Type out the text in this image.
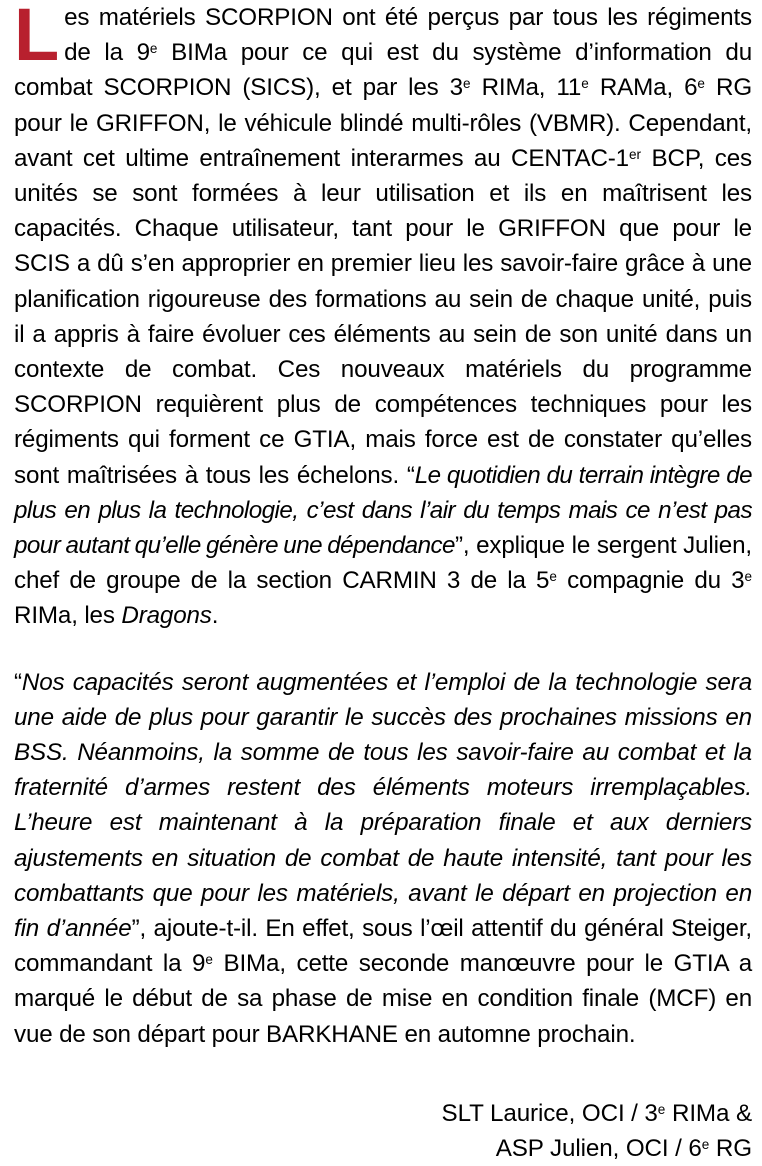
Les matériels SCORPION ont été perçus par tous les régiments de la 9e BIMa pour ce qui est du système d’information du combat SCORPION (SICS), et par les 3e RIMa, 11e RAMa, 6e RG pour le GRIFFON, le véhicule blindé multi-rôles (VBMR). Cependant, avant cet ultime entraînement interarmes au CENTAC-1er BCP, ces unités se sont formées à leur utilisation et ils en maîtrisent les capacités. Chaque utilisateur, tant pour le GRIFFON que pour le SCIS a dû s’en approprier en premier lieu les savoir-faire grâce à une planification rigoureuse des formations au sein de chaque unité, puis il a appris à faire évoluer ces éléments au sein de son unité dans un contexte de combat. Ces nouveaux matériels du programme SCORPION requièrent plus de compétences techniques pour les régiments qui forment ce GTIA, mais force est de constater qu’elles sont maîtrisées à tous les échelons. “Le quotidien du terrain intègre de plus en plus la technologie, c’est dans l’air du temps mais ce n’est pas pour autant qu’elle génère une dépendance”, explique le sergent Julien, chef de groupe de la section CARMIN 3 de la 5e compagnie du 3e RIMa, les Dragons.

“Nos capacités seront augmentées et l’emploi de la technologie sera une aide de plus pour garantir le succès des prochaines missions en BSS. Néanmoins, la somme de tous les savoir-faire au combat et la fraternité d’armes restent des éléments moteurs irremplaçables. L’heure est maintenant à la préparation finale et aux derniers ajustements en situation de combat de haute intensité, tant pour les combattants que pour les matériels, avant le départ en projection en fin d’année”, ajoute-t-il. En effet, sous l’œil attentif du général Steiger, commandant la 9e BIMa, cette seconde manœuvre pour le GTIA a marqué le début de sa phase de mise en condition finale (MCF) en vue de son départ pour BARKHANE en automne prochain.

SLT Laurice, OCI / 3e RIMa &
ASP Julien, OCI / 6e RG
